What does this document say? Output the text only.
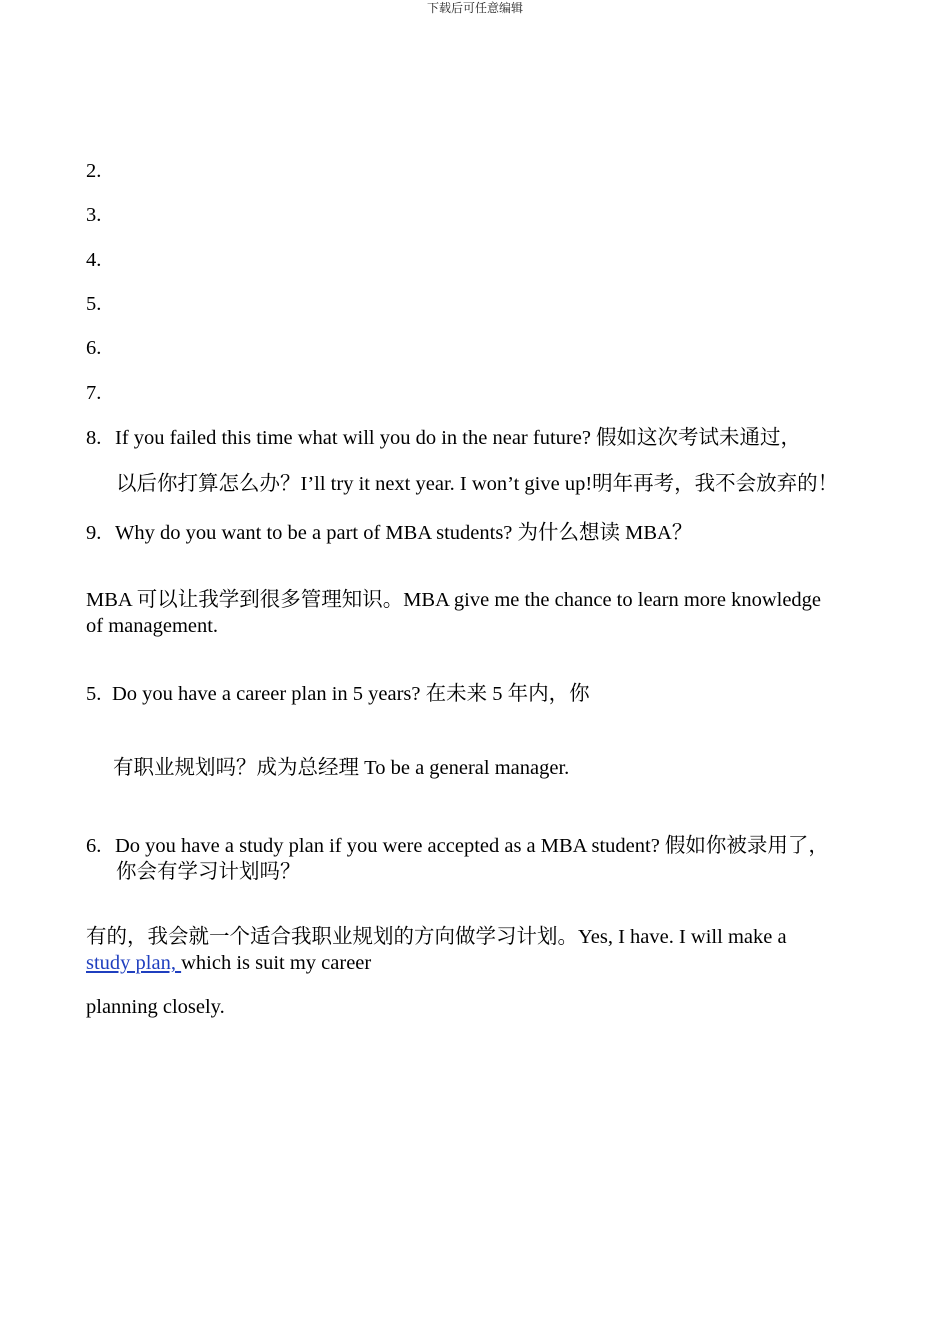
下载后可任意编辑
2.
3.
4.
5.
6.
7.
8. If you failed this time what will you do in the near future? 假如这次考试未通过，
以后你打算怎么办？I’ll try it next year. I won’t give up!明年再考，我不会放弃的！
9. Why do you want to be a part of MBA students? 为什么想读 MBA？
MBA 可以让我学到很多管理知识。MBA give me the chance to learn more knowledge
of management.
5. Do you have a career plan in 5 years? 在未来 5 年内，你
有职业规划吗？成为总经理 To be a general manager.
6. Do you have a study plan if you were accepted as a MBA student? 假如你被录用了，
你会有学习计划吗？
有的，我会就一个适合我职业规划的方向做学习计划。Yes, I have. I will make a
study plan, which is suit my career
planning closely.
